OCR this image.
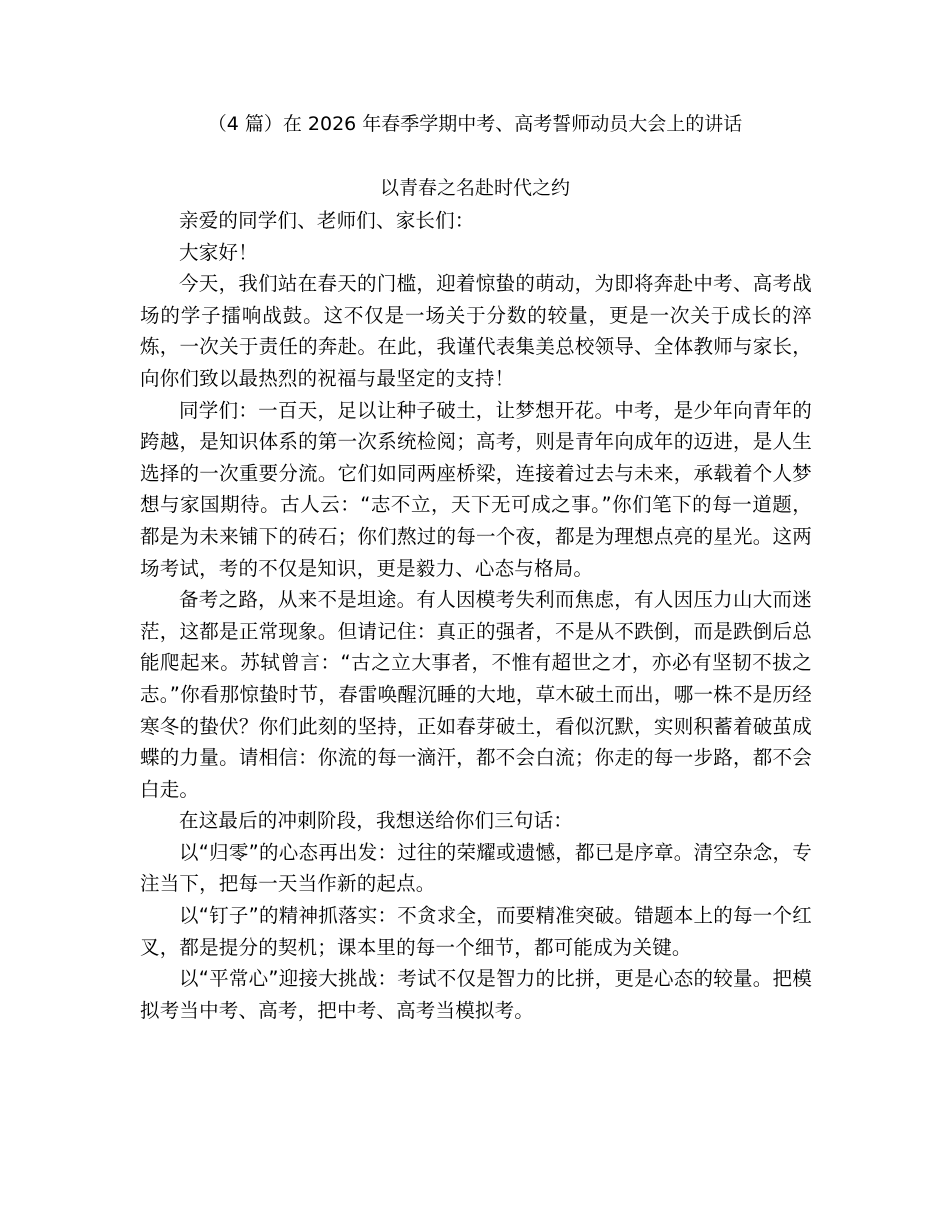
（4 篇）在 2026 年春季学期中考、高考誓师动员大会上的讲话
以青春之名赴时代之约

亲爱的同学们、老师们、家长们：

大家好！

今天，我们站在春天的门槛，迎着惊蛰的萌动，为即将奔赴中考、高考战场的学子擂响战鼓。这不仅是一场关于分数的较量，更是一次关于成长的淬炼，一次关于责任的奔赴。在此，我谨代表集美总校领导、全体教师与家长，向你们致以最热烈的祝福与最坚定的支持！

同学们：一百天，足以让种子破土，让梦想开花。中考，是少年向青年的跨越，是知识体系的第一次系统检阅；高考，则是青年向成年的迈进，是人生选择的一次重要分流。它们如同两座桥梁，连接着过去与未来，承载着个人梦想与家国期待。古人云：“志不立，天下无可成之事。”你们笔下的每一道题，都是为未来铺下的砖石；你们熬过的每一个夜，都是为理想点亮的星光。这两场考试，考的不仅是知识，更是毅力、心态与格局。

备考之路，从来不是坦途。有人因模考失利而焦虑，有人因压力山大而迷茫，这都是正常现象。但请记住：真正的强者，不是从不跌倒，而是跌倒后总能爬起来。苏轼曾言：“古之立大事者，不惟有超世之才，亦必有坚韧不拔之志。”你看那惊蛰时节，春雷唤醒沉睡的大地，草木破土而出，哪一株不是历经寒冬的蛰伏？你们此刻的坚持，正如春芽破土，看似沉默，实则积蓄着破茧成蝶的力量。请相信：你流的每一滴汗，都不会白流；你走的每一步路，都不会白走。

在这最后的冲刺阶段，我想送给你们三句话：

以“归零”的心态再出发：过往的荣耀或遗憾，都已是序章。清空杂念，专注当下，把每一天当作新的起点。

以“钉子”的精神抓落实：不贪求全，而要精准突破。错题本上的每一个红叉，都是提分的契机；课本里的每一个细节，都可能成为关键。

以“平常心”迎接大挑战：考试不仅是智力的比拼，更是心态的较量。把模拟考当中考、高考，把中考、高考当模拟考。
